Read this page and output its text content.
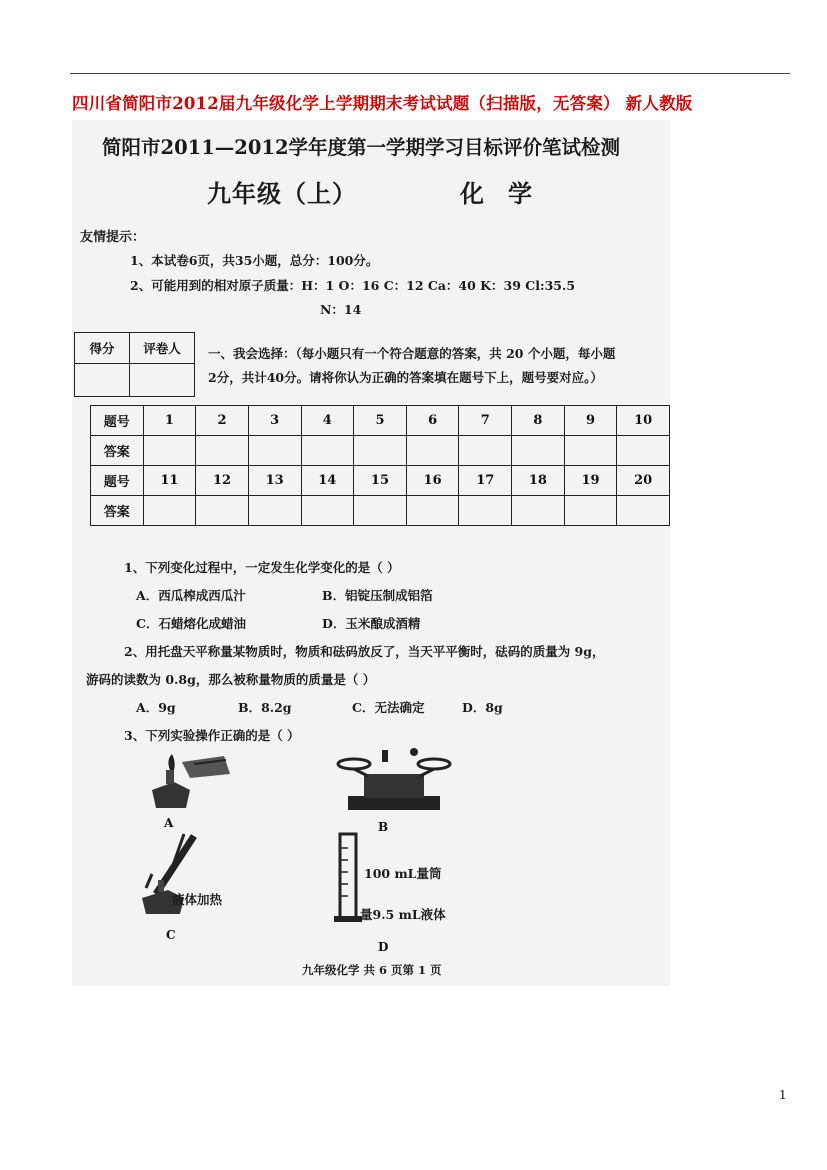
四川省简阳市2012届九年级化学上学期期末考试试题（扫描版，无答案） 新人教版
简阳市2011—2012学年度第一学期学习目标评价笔试检测
九年级（上）	化学
友情提示：
1、本试卷6页，共35小题，总分：100分。
2、可能用到的相对原子质量：H：1 O：16 C：12 Ca：40 K：39 Cl:35.5
N：14
得分	评卷人
	一、我会选择：（每小题只有一个符合题意的答案，共 20 个小题，每小题
2分，共计40分。请将你认为正确的答案填在题号下上，题号要对应。）
题号	1	2	3	4	5	6	7	8	9	10
答案										
题号	11	12	13	14	15	16	17	18	19	20
答案										
1、下列变化过程中，一定发生化学变化的是（ ）
A．西瓜榨成西瓜汁	B．铝锭压制成铝箔
C．石蜡熔化成蜡油	D．玉米酿成酒精
2、用托盘天平称量某物质时，物质和砝码放反了，当天平平衡时，砝码的质量为 9g，
游码的读数为 0.8g，那么被称量物质的质量是（ ）
A．9g	B．8.2g	C．无法确定	D．8g
3、下列实验操作正确的是（ ）
A	B
液体加热
C
100 mL量筒
量9.5 mL液体
D
九年级化学 共 6 页第 1 页
1
